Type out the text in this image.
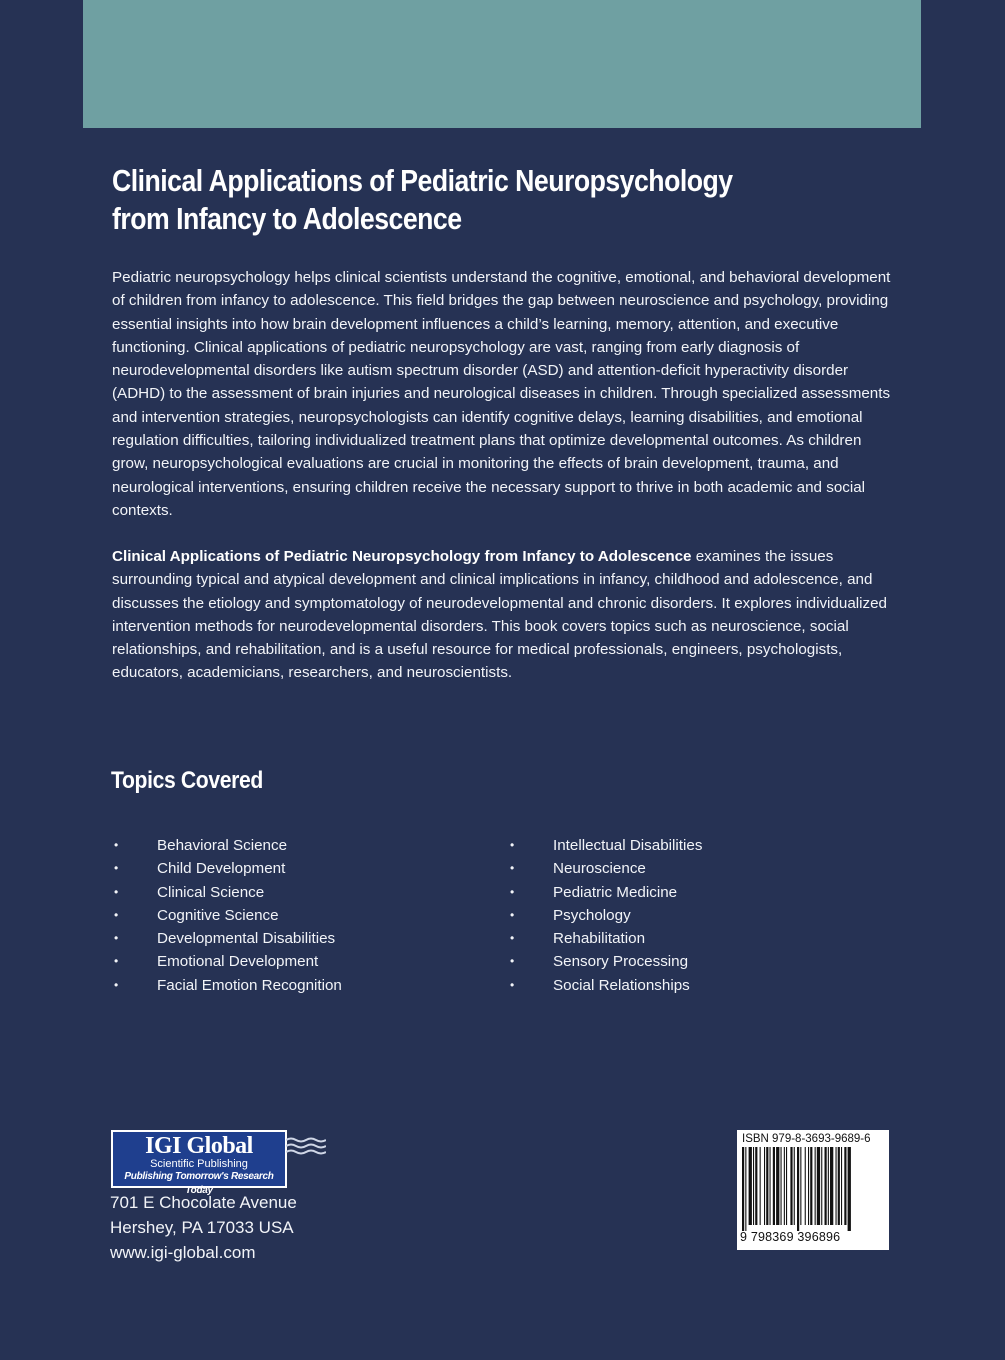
Clinical Applications of Pediatric Neuropsychology
from Infancy to Adolescence

Pediatric neuropsychology helps clinical scientists understand the cognitive, emotional, and behavioral development of children from infancy to adolescence. This field bridges the gap between neuroscience and psychology, providing essential insights into how brain development influences a child’s learning, memory, attention, and executive functioning. Clinical applications of pediatric neuropsychology are vast, ranging from early diagnosis of neurodevelopmental disorders like autism spectrum disorder (ASD) and attention-deficit hyperactivity disorder (ADHD) to the assessment of brain injuries and neurological diseases in children. Through specialized assessments and intervention strategies, neuropsychologists can identify cognitive delays, learning disabilities, and emotional regulation difficulties, tailoring individualized treatment plans that optimize developmental outcomes. As children grow, neuropsychological evaluations are crucial in monitoring the effects of brain development, trauma, and neurological interventions, ensuring children receive the necessary support to thrive in both academic and social contexts.

Clinical Applications of Pediatric Neuropsychology from Infancy to Adolescence examines the issues surrounding typical and atypical development and clinical implications in infancy, childhood and adolescence, and discusses the etiology and symptomatology of neurodevelopmental and chronic disorders. It explores individualized intervention methods for neurodevelopmental disorders. This book covers topics such as neuroscience, social relationships, and rehabilitation, and is a useful resource for medical professionals, engineers, psychologists, educators, academicians, researchers, and neuroscientists.

Topics Covered
•	Behavioral Science
•	Child Development
•	Clinical Science
•	Cognitive Science
•	Developmental Disabilities
•	Emotional Development
•	Facial Emotion Recognition
•	Intellectual Disabilities
•	Neuroscience
•	Pediatric Medicine
•	Psychology
•	Rehabilitation
•	Sensory Processing
•	Social Relationships
IGI Global
Scientific Publishing
Publishing Tomorrow's Research Today

701 E Chocolate Avenue
Hershey, PA 17033 USA
www.igi-global.com

ISBN 979-8-3693-9689-6
9 798369 396896
